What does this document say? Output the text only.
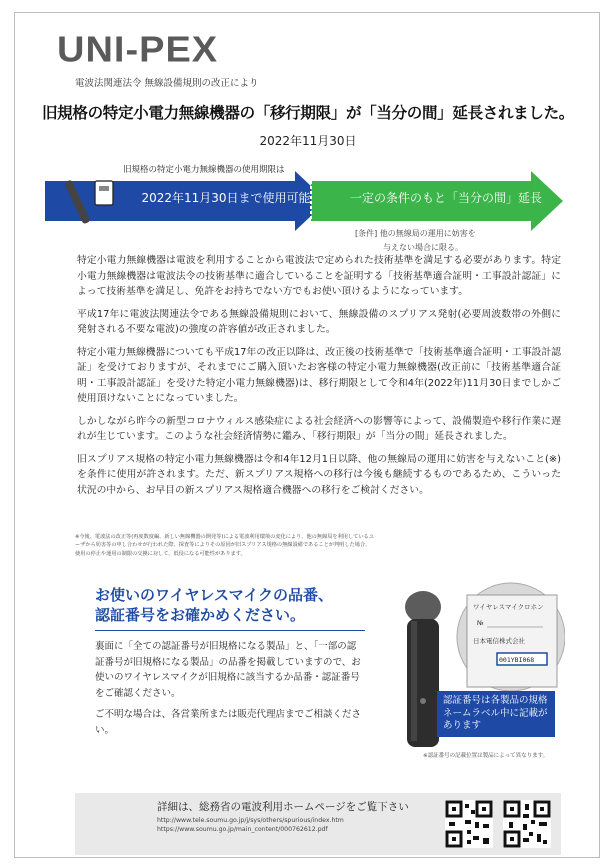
UNI-PEX
電波法関連法令 無線設備規則の改正により
旧規格の特定小電力無線機器の「移行期限」が「当分の間」延長されました。
2022年11月30日
旧規格の特定小電力無線機器の使用期限は
2022年11月30日まで使用可能	一定の条件のもと「当分の間」延長
[条件] 他の無線局の運用に妨害を
与えない場合に限る。

特定小電力無線機器は電波を利用することから電波法で定められた技術基準を満足する必要があります。特定小電力無線機器は電波法令の技術基準に適合していることを証明する「技術基準適合証明・工事設計認証」によって技術基準を満足し、免許をお持ちでない方でもお使い頂けるようになっています。

平成17年に電波法関連法令である無線設備規則において、無線設備のスプリアス発射(必要周波数帯の外側に発射される不要な電波)の強度の許容値が改正されました。

特定小電力無線機器についても平成17年の改正以降は、改正後の技術基準で「技術基準適合証明・工事設計認証」を受けておりますが、それまでにご購入頂いたお客様の特定小電力無線機器(改正前に「技術基準適合証明・工事設計認証」を受けた特定小電力無線機器)は、移行期限として令和4年(2022年)11月30日までしかご使用頂けないことになっていました。

しかしながら昨今の新型コロナウィルス感染症による社会経済への影響等によって、設備製造や移行作業に遅れが生じています。このような社会経済情勢に鑑み、「移行期限」が「当分の間」延長されました。

旧スプリアス規格の特定小電力無線機器は令和4年12月1日以降、他の無線局の運用に妨害を与えないこと(※)を条件に使用が許されます。ただ、新スプリアス規格への移行は今後も継続するものであるため、こういった状況の中から、お早目の新スプリアス規格適合機器への移行をご検討ください。

※今後、電波法の改正等(再度数度編、新しい無線機器の開発等)による電波利用環境の変化により、他の無線局を利用しているユーザから妨害等の申し合わせが行われた際、探査等によりその原因が旧スプリアス規格の無線設備であることが判明した場合、使用の停止や運用の制限の交換に対して、低侵になる可能性があります。
お使いのワイヤレスマイクの品番、
認証番号をお確かめください。

裏面に「全ての認証番号が旧規格になる製品」と、「一部の認証番号が旧規格になる製品」の品番を掲載していますので、お使いのワイヤレスマイクが旧規格に該当するか品番・認証番号をご確認ください。

ご不明な場合は、各営業所または販売代理店までご相談ください。

ワイヤレスマイクロホン
№
日本電信株式会社
001YBI068
認証番号は各製品の規格ネームラベル中に記載があります
※認証番号の記載位置は製品によって異なります。
詳細は、総務省の電波利用ホームページをご覧下さい
http://www.tele.soumu.go.jp/j/sys/others/spurious/index.htm
https://www.soumu.go.jp/main_content/000762612.pdf
